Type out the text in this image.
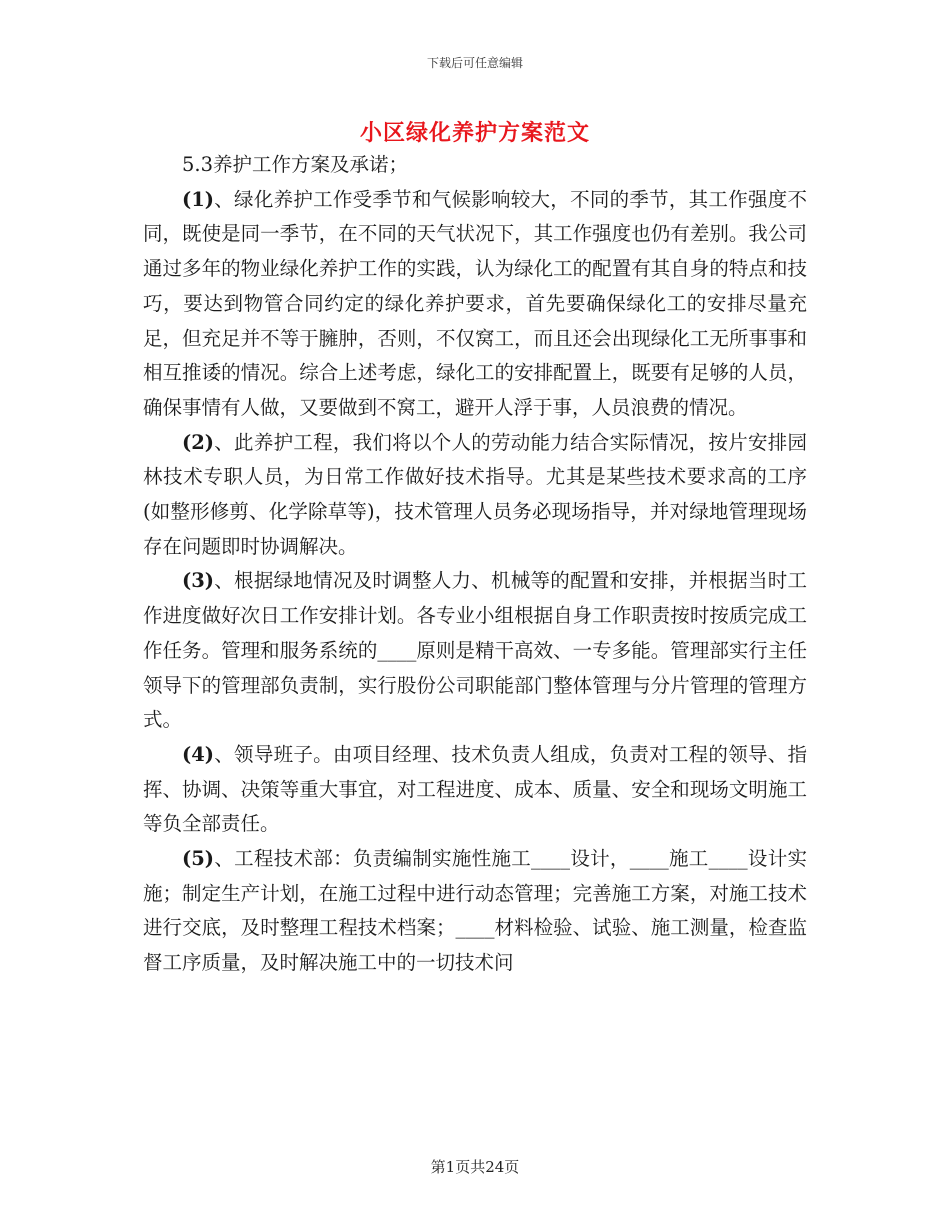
下载后可任意编辑
小区绿化养护方案范文

5.3养护工作方案及承诺；

(1)、绿化养护工作受季节和气候影响较大，不同的季节，其工作强度不同，既使是同一季节，在不同的天气状况下，其工作强度也仍有差别。我公司通过多年的物业绿化养护工作的实践，认为绿化工的配置有其自身的特点和技巧，要达到物管合同约定的绿化养护要求，首先要确保绿化工的安排尽量充足，但充足并不等于臃肿，否则，不仅窝工，而且还会出现绿化工无所事事和相互推诿的情况。综合上述考虑，绿化工的安排配置上，既要有足够的人员，确保事情有人做，又要做到不窝工，避开人浮于事，人员浪费的情况。

(2)、此养护工程，我们将以个人的劳动能力结合实际情况，按片安排园林技术专职人员，为日常工作做好技术指导。尤其是某些技术要求高的工序(如整形修剪、化学除草等)，技术管理人员务必现场指导，并对绿地管理现场存在问题即时协调解决。

(3)、根据绿地情况及时调整人力、机械等的配置和安排，并根据当时工作进度做好次日工作安排计划。各专业小组根据自身工作职责按时按质完成工作任务。管理和服务系统的____原则是精干高效、一专多能。管理部实行主任领导下的管理部负责制，实行股份公司职能部门整体管理与分片管理的管理方式。

(4)、领导班子。由项目经理、技术负责人组成，负责对工程的领导、指挥、协调、决策等重大事宜，对工程进度、成本、质量、安全和现场文明施工等负全部责任。

(5)、工程技术部：负责编制实施性施工____设计，____施工____设计实施；制定生产计划，在施工过程中进行动态管理；完善施工方案，对施工技术进行交底，及时整理工程技术档案；____材料检验、试验、施工测量，检查监督工序质量，及时解决施工中的一切技术问

第1页共24页
